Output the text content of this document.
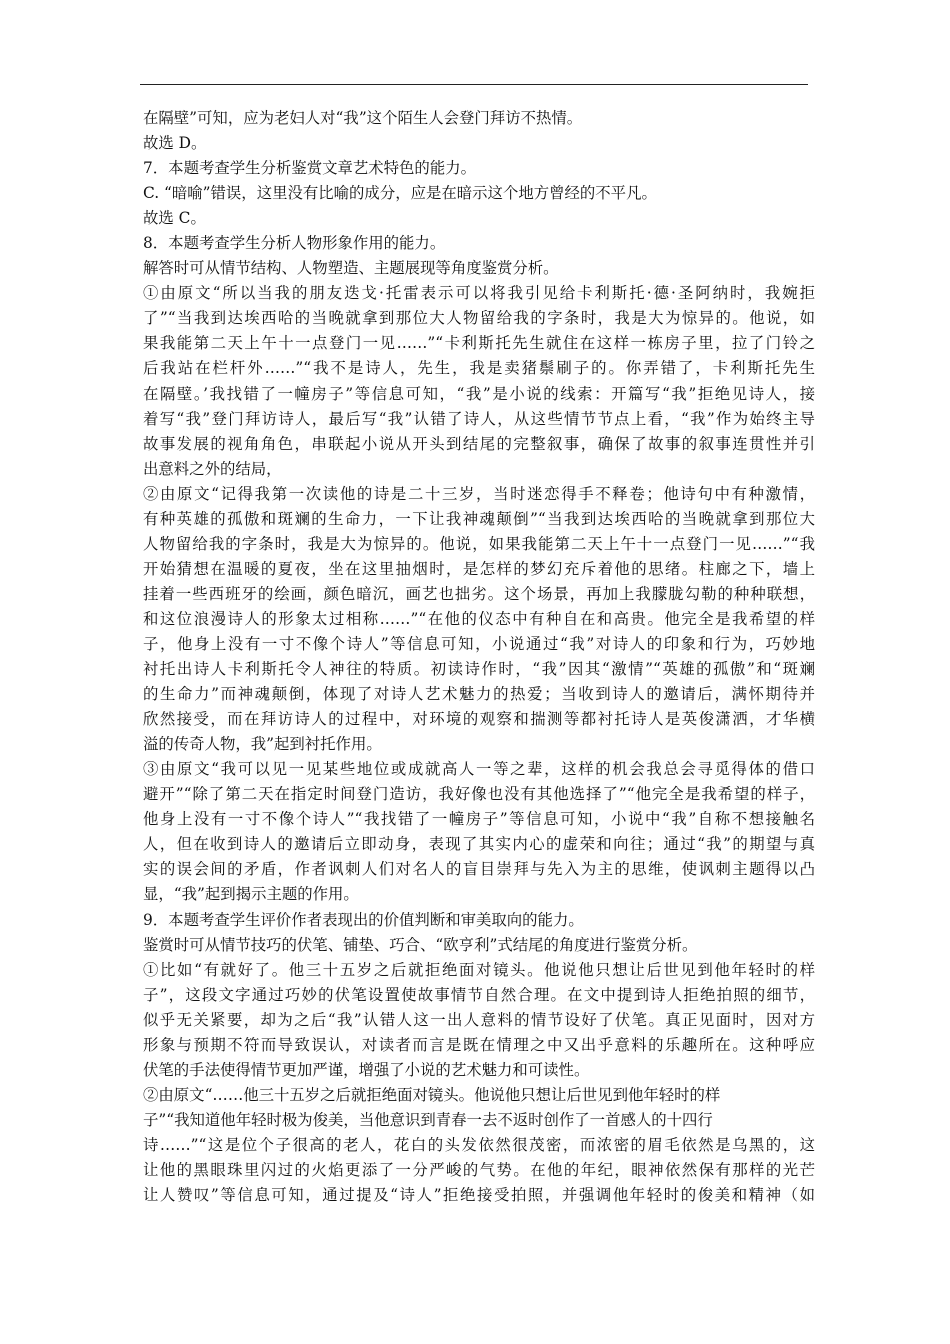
在隔壁”可知，应为老妇人对“我”这个陌生人会登门拜访不热情。
故选 D。
7．本题考查学生分析鉴赏文章艺术特色的能力。
C. “暗喻”错误，这里没有比喻的成分，应是在暗示这个地方曾经的不平凡。
故选 C。
8．本题考查学生分析人物形象作用的能力。
解答时可从情节结构、人物塑造、主题展现等角度鉴赏分析。
①由原文“所以当我的朋友迭戈·托雷表示可以将我引见给卡利斯托·德·圣阿纳时，我婉拒
了”“当我到达埃西哈的当晚就拿到那位大人物留给我的字条时，我是大为惊异的。他说，如
果我能第二天上午十一点登门一见……”“卡利斯托先生就住在这样一栋房子里，拉了门铃之
后我站在栏杆外……”“我不是诗人，先生，我是卖猪鬃刷子的。你弄错了，卡利斯托先生
在隔壁。’我找错了一幢房子”等信息可知，“我”是小说的线索：开篇写“我”拒绝见诗人，接
着写“我”登门拜访诗人，最后写“我”认错了诗人，从这些情节节点上看，“我”作为始终主导
故事发展的视角角色，串联起小说从开头到结尾的完整叙事，确保了故事的叙事连贯性并引
出意料之外的结局，
②由原文“记得我第一次读他的诗是二十三岁，当时迷恋得手不释卷；他诗句中有种激情，
有种英雄的孤傲和斑斓的生命力，一下让我神魂颠倒”“当我到达埃西哈的当晚就拿到那位大
人物留给我的字条时，我是大为惊异的。他说，如果我能第二天上午十一点登门一见……”“我
开始猜想在温暖的夏夜，坐在这里抽烟时，是怎样的梦幻充斥着他的思绪。柱廊之下，墙上
挂着一些西班牙的绘画，颜色暗沉，画艺也拙劣。这个场景，再加上我朦胧勾勒的种种联想，
和这位浪漫诗人的形象太过相称……”“在他的仪态中有种自在和高贵。他完全是我希望的样
子，他身上没有一寸不像个诗人”等信息可知，小说通过“我”对诗人的印象和行为，巧妙地
衬托出诗人卡利斯托令人神往的特质。初读诗作时，“我”因其“激情”“英雄的孤傲”和“斑斓
的生命力”而神魂颠倒，体现了对诗人艺术魅力的热爱；当收到诗人的邀请后，满怀期待并
欣然接受，而在拜访诗人的过程中，对环境的观察和揣测等都衬托诗人是英俊潇洒，才华横
溢的传奇人物，我”起到衬托作用。
③由原文“我可以见一见某些地位或成就高人一等之辈，这样的机会我总会寻觅得体的借口
避开”“除了第二天在指定时间登门造访，我好像也没有其他选择了”“他完全是我希望的样子，
他身上没有一寸不像个诗人”“我找错了一幢房子”等信息可知，小说中“我”自称不想接触名
人，但在收到诗人的邀请后立即动身，表现了其实内心的虚荣和向往；通过“我”的期望与真
实的误会间的矛盾，作者讽刺人们对名人的盲目崇拜与先入为主的思维，使讽刺主题得以凸
显，“我”起到揭示主题的作用。
9．本题考查学生评价作者表现出的价值判断和审美取向的能力。
鉴赏时可从情节技巧的伏笔、铺垫、巧合、“欧亨利”式结尾的角度进行鉴赏分析。
①比如“有就好了。他三十五岁之后就拒绝面对镜头。他说他只想让后世见到他年轻时的样
子”，这段文字通过巧妙的伏笔设置使故事情节自然合理。在文中提到诗人拒绝拍照的细节，
似乎无关紧要，却为之后“我”认错人这一出人意料的情节设好了伏笔。真正见面时，因对方
形象与预期不符而导致误认，对读者而言是既在情理之中又出乎意料的乐趣所在。这种呼应
伏笔的手法使得情节更加严谨，增强了小说的艺术魅力和可读性。
②由原文“……他三十五岁之后就拒绝面对镜头。他说他只想让后世见到他年轻时的样
子”“我知道他年轻时极为俊美，当他意识到青春一去不返时创作了一首感人的十四行
诗……”“这是位个子很高的老人，花白的头发依然很茂密，而浓密的眉毛依然是乌黑的，这
让他的黑眼珠里闪过的火焰更添了一分严峻的气势。在他的年纪，眼神依然保有那样的光芒
让人赞叹”等信息可知，通过提及“诗人”拒绝接受拍照，并强调他年轻时的俊美和精神（如
